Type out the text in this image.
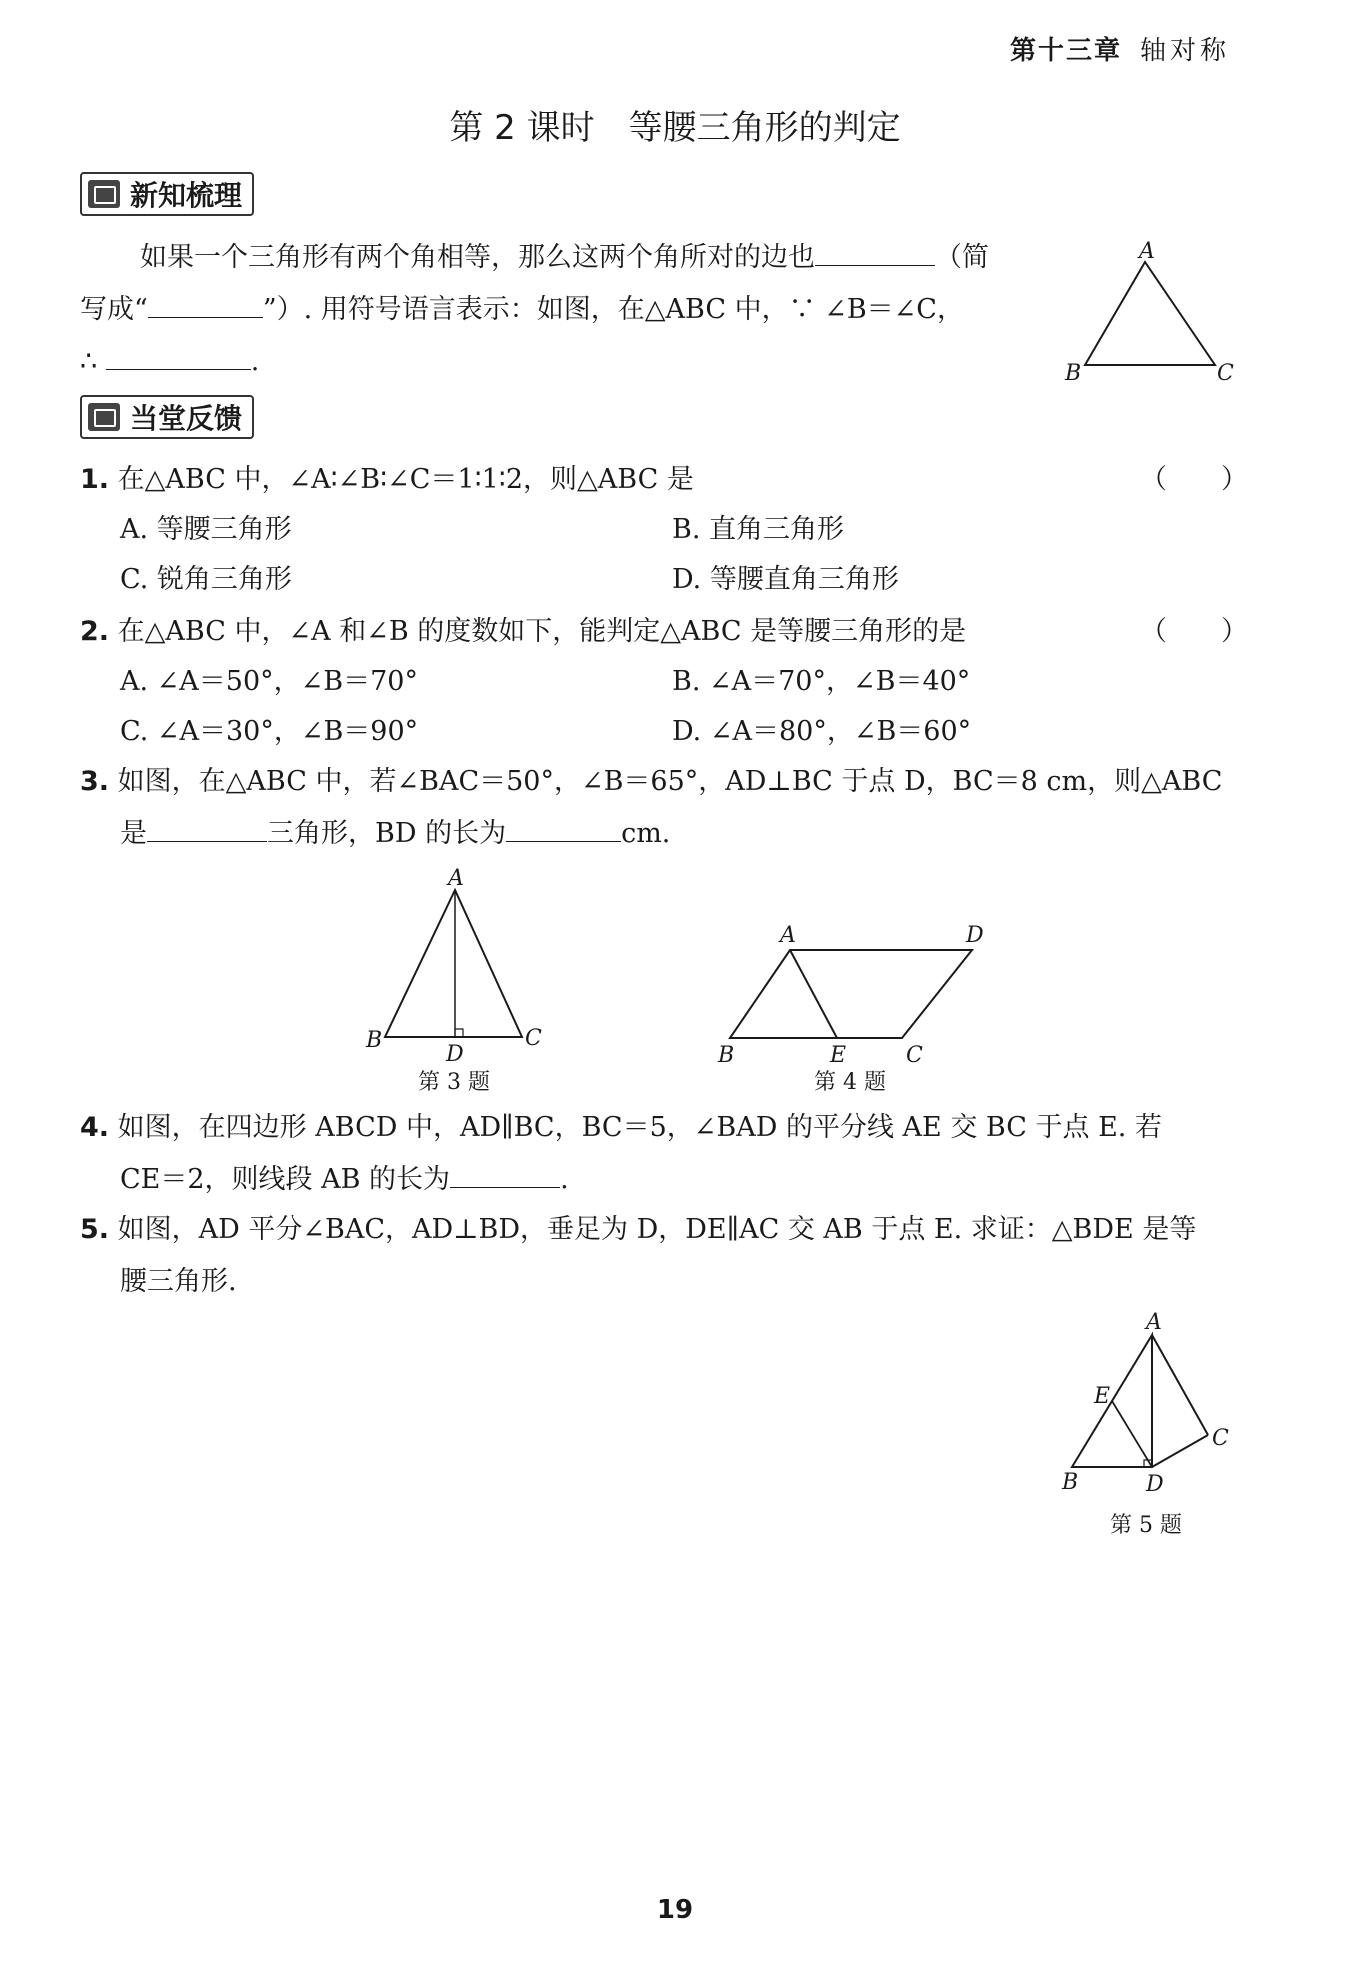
第十三章 轴对称
第 2 课时　等腰三角形的判定
新知梳理
如果一个三角形有两个角相等，那么这两个角所对的边也	（简
写成“	”）. 用符号语言表示：如图，在△ABC 中，∵ ∠B＝∠C，
∴	.
A
B	C
当堂反馈
1. 在△ABC 中，∠A∶∠B∶∠C＝1∶1∶2，则△ABC 是	（　　）
A. 等腰三角形	B. 直角三角形
C. 锐角三角形	D. 等腰直角三角形
2. 在△ABC 中，∠A 和∠B 的度数如下，能判定△ABC 是等腰三角形的是	（　　）
A. ∠A＝50°，∠B＝70°	B. ∠A＝70°，∠B＝40°
C. ∠A＝30°，∠B＝90°	D. ∠A＝80°，∠B＝60°
3. 如图，在△ABC 中，若∠BAC＝50°，∠B＝65°，AD⊥BC 于点 D，BC＝8 cm，则△ABC
是	三角形，BD 的长为	cm.
A
B	C
D
第 3 题
A	D
B	E	C
第 4 题
4. 如图，在四边形 ABCD 中，AD∥BC，BC＝5，∠BAD 的平分线 AE 交 BC 于点 E. 若
CE＝2，则线段 AB 的长为	.
5. 如图，AD 平分∠BAC，AD⊥BD，垂足为 D，DE∥AC 交 AB 于点 E. 求证：△BDE 是等
腰三角形.
A
E
C
B	D
第 5 题
19
